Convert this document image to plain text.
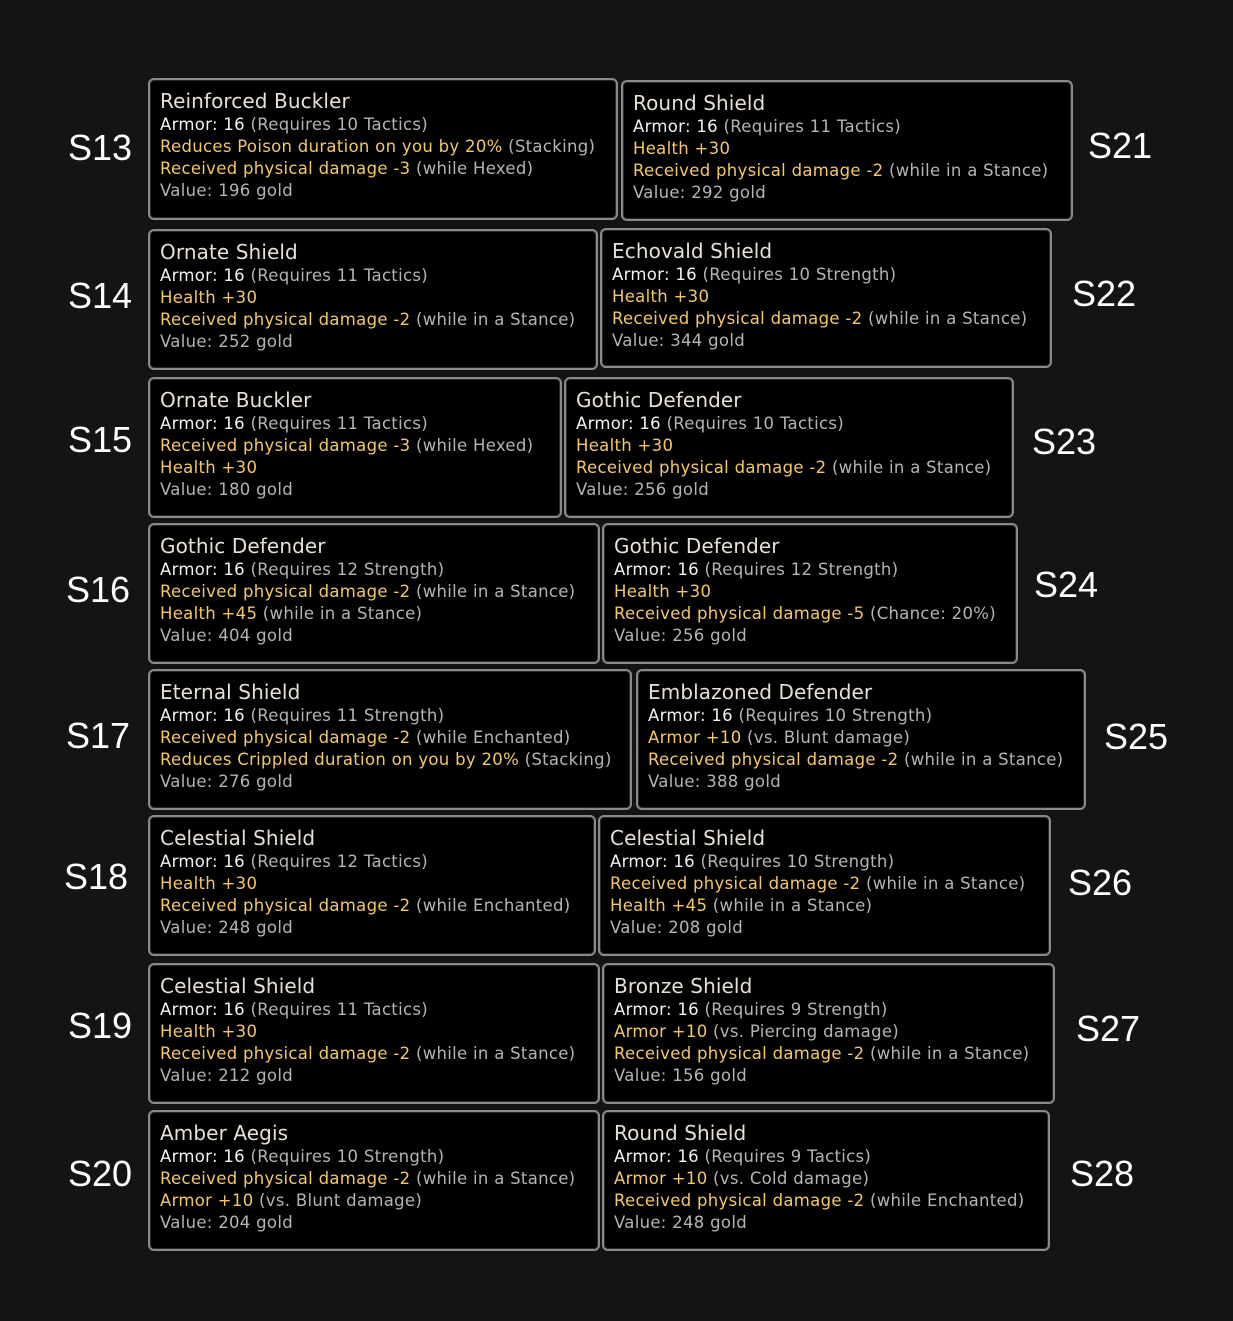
S13	S21
S14	S22
S15	S23
S16	S24
S17	S25
S18	S26
S19	S27
S20	S28
Reinforced Buckler
Armor: 16 (Requires 10 Tactics)
Reduces Poison duration on you by 20% (Stacking)
Received physical damage -3 (while Hexed)
Value: 196 gold
Round Shield
Armor: 16 (Requires 11 Tactics)
Health +30
Received physical damage -2 (while in a Stance)
Value: 292 gold
Ornate Shield
Armor: 16 (Requires 11 Tactics)
Health +30
Received physical damage -2 (while in a Stance)
Value: 252 gold
Echovald Shield
Armor: 16 (Requires 10 Strength)
Health +30
Received physical damage -2 (while in a Stance)
Value: 344 gold
Ornate Buckler
Armor: 16 (Requires 11 Tactics)
Received physical damage -3 (while Hexed)
Health +30
Value: 180 gold
Gothic Defender
Armor: 16 (Requires 10 Tactics)
Health +30
Received physical damage -2 (while in a Stance)
Value: 256 gold
Gothic Defender
Armor: 16 (Requires 12 Strength)
Received physical damage -2 (while in a Stance)
Health +45 (while in a Stance)
Value: 404 gold
Gothic Defender
Armor: 16 (Requires 12 Strength)
Health +30
Received physical damage -5 (Chance: 20%)
Value: 256 gold
Eternal Shield
Armor: 16 (Requires 11 Strength)
Received physical damage -2 (while Enchanted)
Reduces Crippled duration on you by 20% (Stacking)
Value: 276 gold
Emblazoned Defender
Armor: 16 (Requires 10 Strength)
Armor +10 (vs. Blunt damage)
Received physical damage -2 (while in a Stance)
Value: 388 gold
Celestial Shield
Armor: 16 (Requires 12 Tactics)
Health +30
Received physical damage -2 (while Enchanted)
Value: 248 gold
Celestial Shield
Armor: 16 (Requires 10 Strength)
Received physical damage -2 (while in a Stance)
Health +45 (while in a Stance)
Value: 208 gold
Celestial Shield
Armor: 16 (Requires 11 Tactics)
Health +30
Received physical damage -2 (while in a Stance)
Value: 212 gold
Bronze Shield
Armor: 16 (Requires 9 Strength)
Armor +10 (vs. Piercing damage)
Received physical damage -2 (while in a Stance)
Value: 156 gold
Amber Aegis
Armor: 16 (Requires 10 Strength)
Received physical damage -2 (while in a Stance)
Armor +10 (vs. Blunt damage)
Value: 204 gold
Round Shield
Armor: 16 (Requires 9 Tactics)
Armor +10 (vs. Cold damage)
Received physical damage -2 (while Enchanted)
Value: 248 gold
